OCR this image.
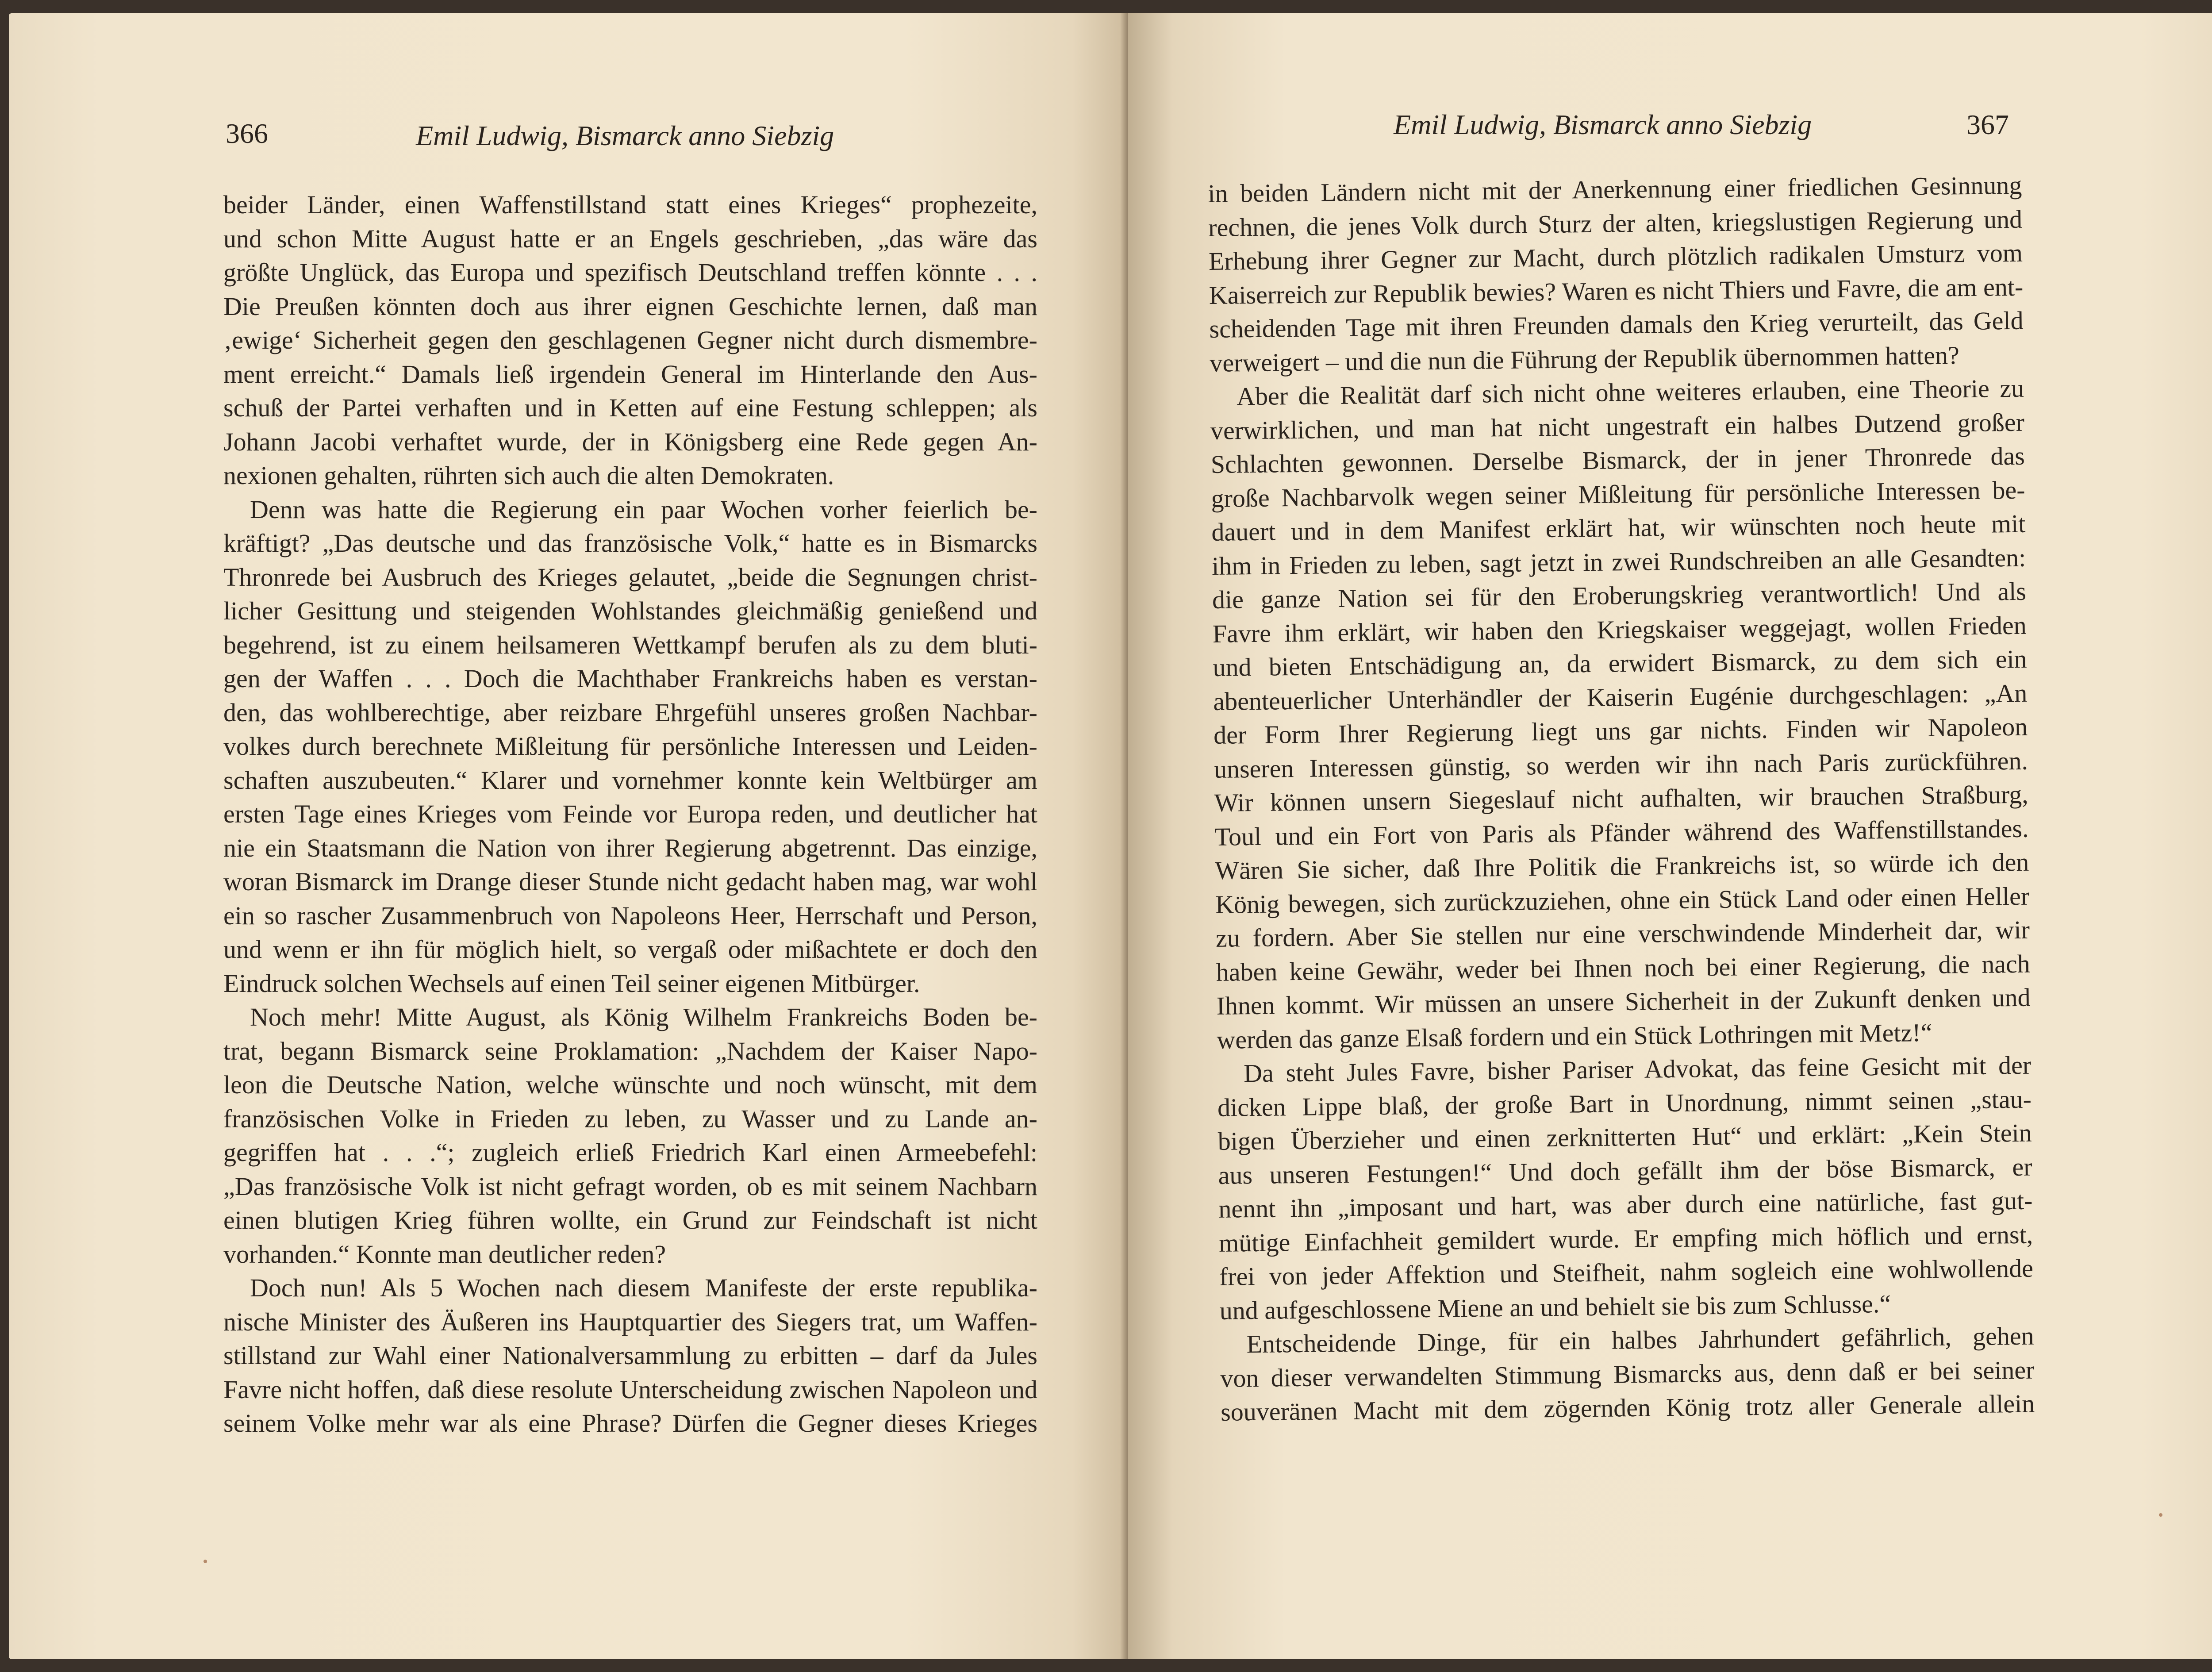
366	Emil Ludwig, Bismarck anno Siebzig
beider Länder, einen Waffenstillstand statt eines Krieges“ prophezeite,
und schon Mitte August hatte er an Engels geschrieben, „das wäre das
größte Unglück, das Europa und spezifisch Deutschland treffen könnte . . .
Die Preußen könnten doch aus ihrer eignen Geschichte lernen, daß man
‚ewige‘ Sicherheit gegen den geschlagenen Gegner nicht durch dismembre-
ment erreicht.“ Damals ließ irgendein General im Hinterlande den Aus-
schuß der Partei verhaften und in Ketten auf eine Festung schleppen; als
Johann Jacobi verhaftet wurde, der in Königsberg eine Rede gegen An-
nexionen gehalten, rührten sich auch die alten Demokraten.
Denn was hatte die Regierung ein paar Wochen vorher feierlich be-
kräftigt? „Das deutsche und das französische Volk,“ hatte es in Bismarcks
Thronrede bei Ausbruch des Krieges gelautet, „beide die Segnungen christ-
licher Gesittung und steigenden Wohlstandes gleichmäßig genießend und
begehrend, ist zu einem heilsameren Wettkampf berufen als zu dem bluti-
gen der Waffen . . . Doch die Machthaber Frankreichs haben es verstan-
den, das wohlberechtige, aber reizbare Ehrgefühl unseres großen Nachbar-
volkes durch berechnete Mißleitung für persönliche Interessen und Leiden-
schaften auszubeuten.“ Klarer und vornehmer konnte kein Weltbürger am
ersten Tage eines Krieges vom Feinde vor Europa reden, und deutlicher hat
nie ein Staatsmann die Nation von ihrer Regierung abgetrennt. Das einzige,
woran Bismarck im Drange dieser Stunde nicht gedacht haben mag, war wohl
ein so rascher Zusammenbruch von Napoleons Heer, Herrschaft und Person,
und wenn er ihn für möglich hielt, so vergaß oder mißachtete er doch den
Eindruck solchen Wechsels auf einen Teil seiner eigenen Mitbürger.
Noch mehr! Mitte August, als König Wilhelm Frankreichs Boden be-
trat, begann Bismarck seine Proklamation: „Nachdem der Kaiser Napo-
leon die Deutsche Nation, welche wünschte und noch wünscht, mit dem
französischen Volke in Frieden zu leben, zu Wasser und zu Lande an-
gegriffen hat . . .“; zugleich erließ Friedrich Karl einen Armeebefehl:
„Das französische Volk ist nicht gefragt worden, ob es mit seinem Nachbarn
einen blutigen Krieg führen wollte, ein Grund zur Feindschaft ist nicht
vorhanden.“ Konnte man deutlicher reden?
Doch nun! Als 5 Wochen nach diesem Manifeste der erste republika-
nische Minister des Äußeren ins Hauptquartier des Siegers trat, um Waffen-
stillstand zur Wahl einer Nationalversammlung zu erbitten – darf da Jules
Favre nicht hoffen, daß diese resolute Unterscheidung zwischen Napoleon und
seinem Volke mehr war als eine Phrase? Dürfen die Gegner dieses Krieges
Emil Ludwig, Bismarck anno Siebzig	367
in beiden Ländern nicht mit der Anerkennung einer friedlichen Gesinnung
rechnen, die jenes Volk durch Sturz der alten, kriegslustigen Regierung und
Erhebung ihrer Gegner zur Macht, durch plötzlich radikalen Umsturz vom
Kaiserreich zur Republik bewies? Waren es nicht Thiers und Favre, die am ent-
scheidenden Tage mit ihren Freunden damals den Krieg verurteilt, das Geld
verweigert – und die nun die Führung der Republik übernommen hatten?
Aber die Realität darf sich nicht ohne weiteres erlauben, eine Theorie zu
verwirklichen, und man hat nicht ungestraft ein halbes Dutzend großer
Schlachten gewonnen. Derselbe Bismarck, der in jener Thronrede das
große Nachbarvolk wegen seiner Mißleitung für persönliche Interessen be-
dauert und in dem Manifest erklärt hat, wir wünschten noch heute mit
ihm in Frieden zu leben, sagt jetzt in zwei Rundschreiben an alle Gesandten:
die ganze Nation sei für den Eroberungskrieg verantwortlich! Und als
Favre ihm erklärt, wir haben den Kriegskaiser weggejagt, wollen Frieden
und bieten Entschädigung an, da erwidert Bismarck, zu dem sich ein
abenteuerlicher Unterhändler der Kaiserin Eugénie durchgeschlagen: „An
der Form Ihrer Regierung liegt uns gar nichts. Finden wir Napoleon
unseren Interessen günstig, so werden wir ihn nach Paris zurückführen.
Wir können unsern Siegeslauf nicht aufhalten, wir brauchen Straßburg,
Toul und ein Fort von Paris als Pfänder während des Waffenstillstandes.
Wären Sie sicher, daß Ihre Politik die Frankreichs ist, so würde ich den
König bewegen, sich zurückzuziehen, ohne ein Stück Land oder einen Heller
zu fordern. Aber Sie stellen nur eine verschwindende Minderheit dar, wir
haben keine Gewähr, weder bei Ihnen noch bei einer Regierung, die nach
Ihnen kommt. Wir müssen an unsere Sicherheit in der Zukunft denken und
werden das ganze Elsaß fordern und ein Stück Lothringen mit Metz!“
Da steht Jules Favre, bisher Pariser Advokat, das feine Gesicht mit der
dicken Lippe blaß, der große Bart in Unordnung, nimmt seinen „stau-
bigen Überzieher und einen zerknitterten Hut“ und erklärt: „Kein Stein
aus unseren Festungen!“ Und doch gefällt ihm der böse Bismarck, er
nennt ihn „imposant und hart, was aber durch eine natürliche, fast gut-
mütige Einfachheit gemildert wurde. Er empfing mich höflich und ernst,
frei von jeder Affektion und Steifheit, nahm sogleich eine wohlwollende
und aufgeschlossene Miene an und behielt sie bis zum Schlusse.“
Entscheidende Dinge, für ein halbes Jahrhundert gefährlich, gehen
von dieser verwandelten Stimmung Bismarcks aus, denn daß er bei seiner
souveränen Macht mit dem zögernden König trotz aller Generale allein
